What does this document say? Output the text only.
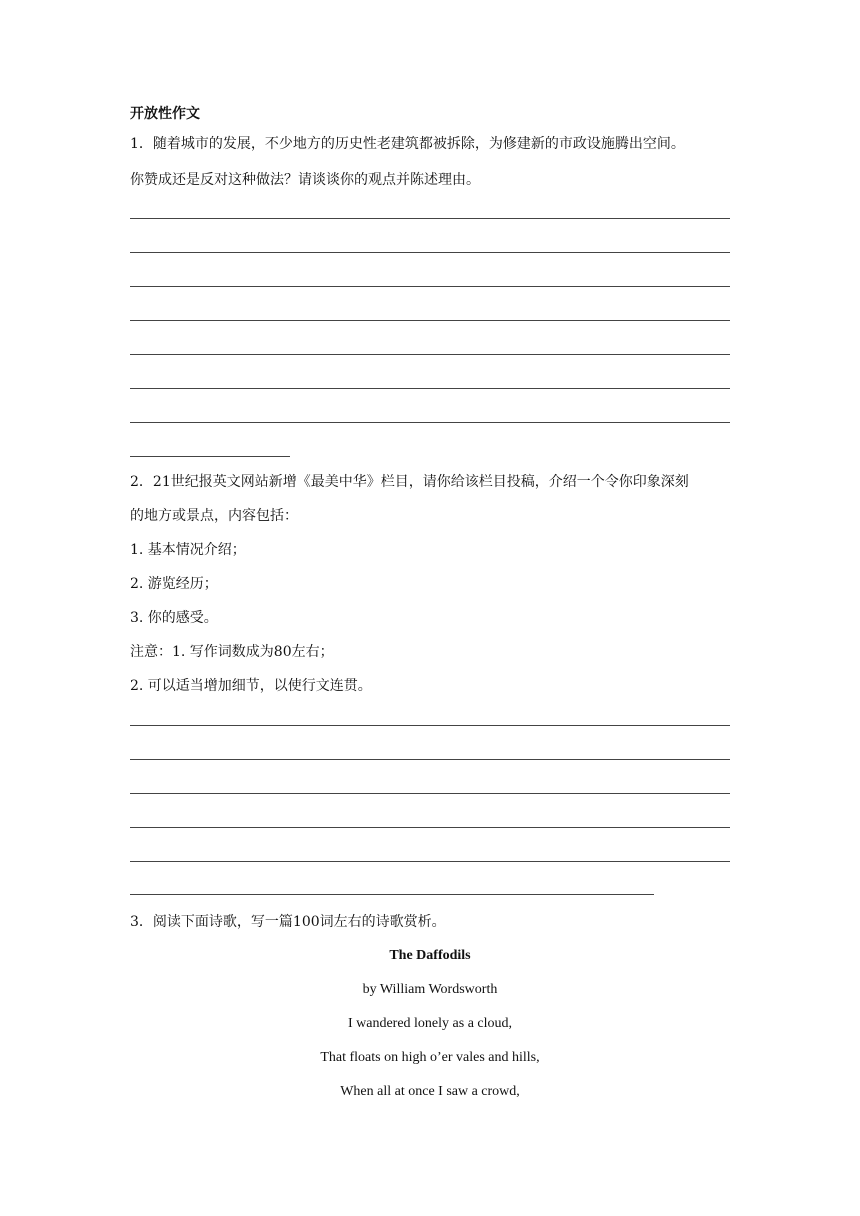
开放性作文
1．随着城市的发展，不少地方的历史性老建筑都被拆除，为修建新的市政设施腾出空间。
你赞成还是反对这种做法？请谈谈你的观点并陈述理由。
2．21世纪报英文网站新增《最美中华》栏目，请你给该栏目投稿，介绍一个令你印象深刻
的地方或景点，内容包括：
1. 基本情况介绍；
2. 游览经历；
3. 你的感受。
注意：1. 写作词数成为80左右；
2. 可以适当增加细节，以使行文连贯。
3．阅读下面诗歌，写一篇100词左右的诗歌赏析。
The Daffodils
by William Wordsworth
I wandered lonely as a cloud,
That floats on high o’er vales and hills,
When all at once I saw a crowd,
